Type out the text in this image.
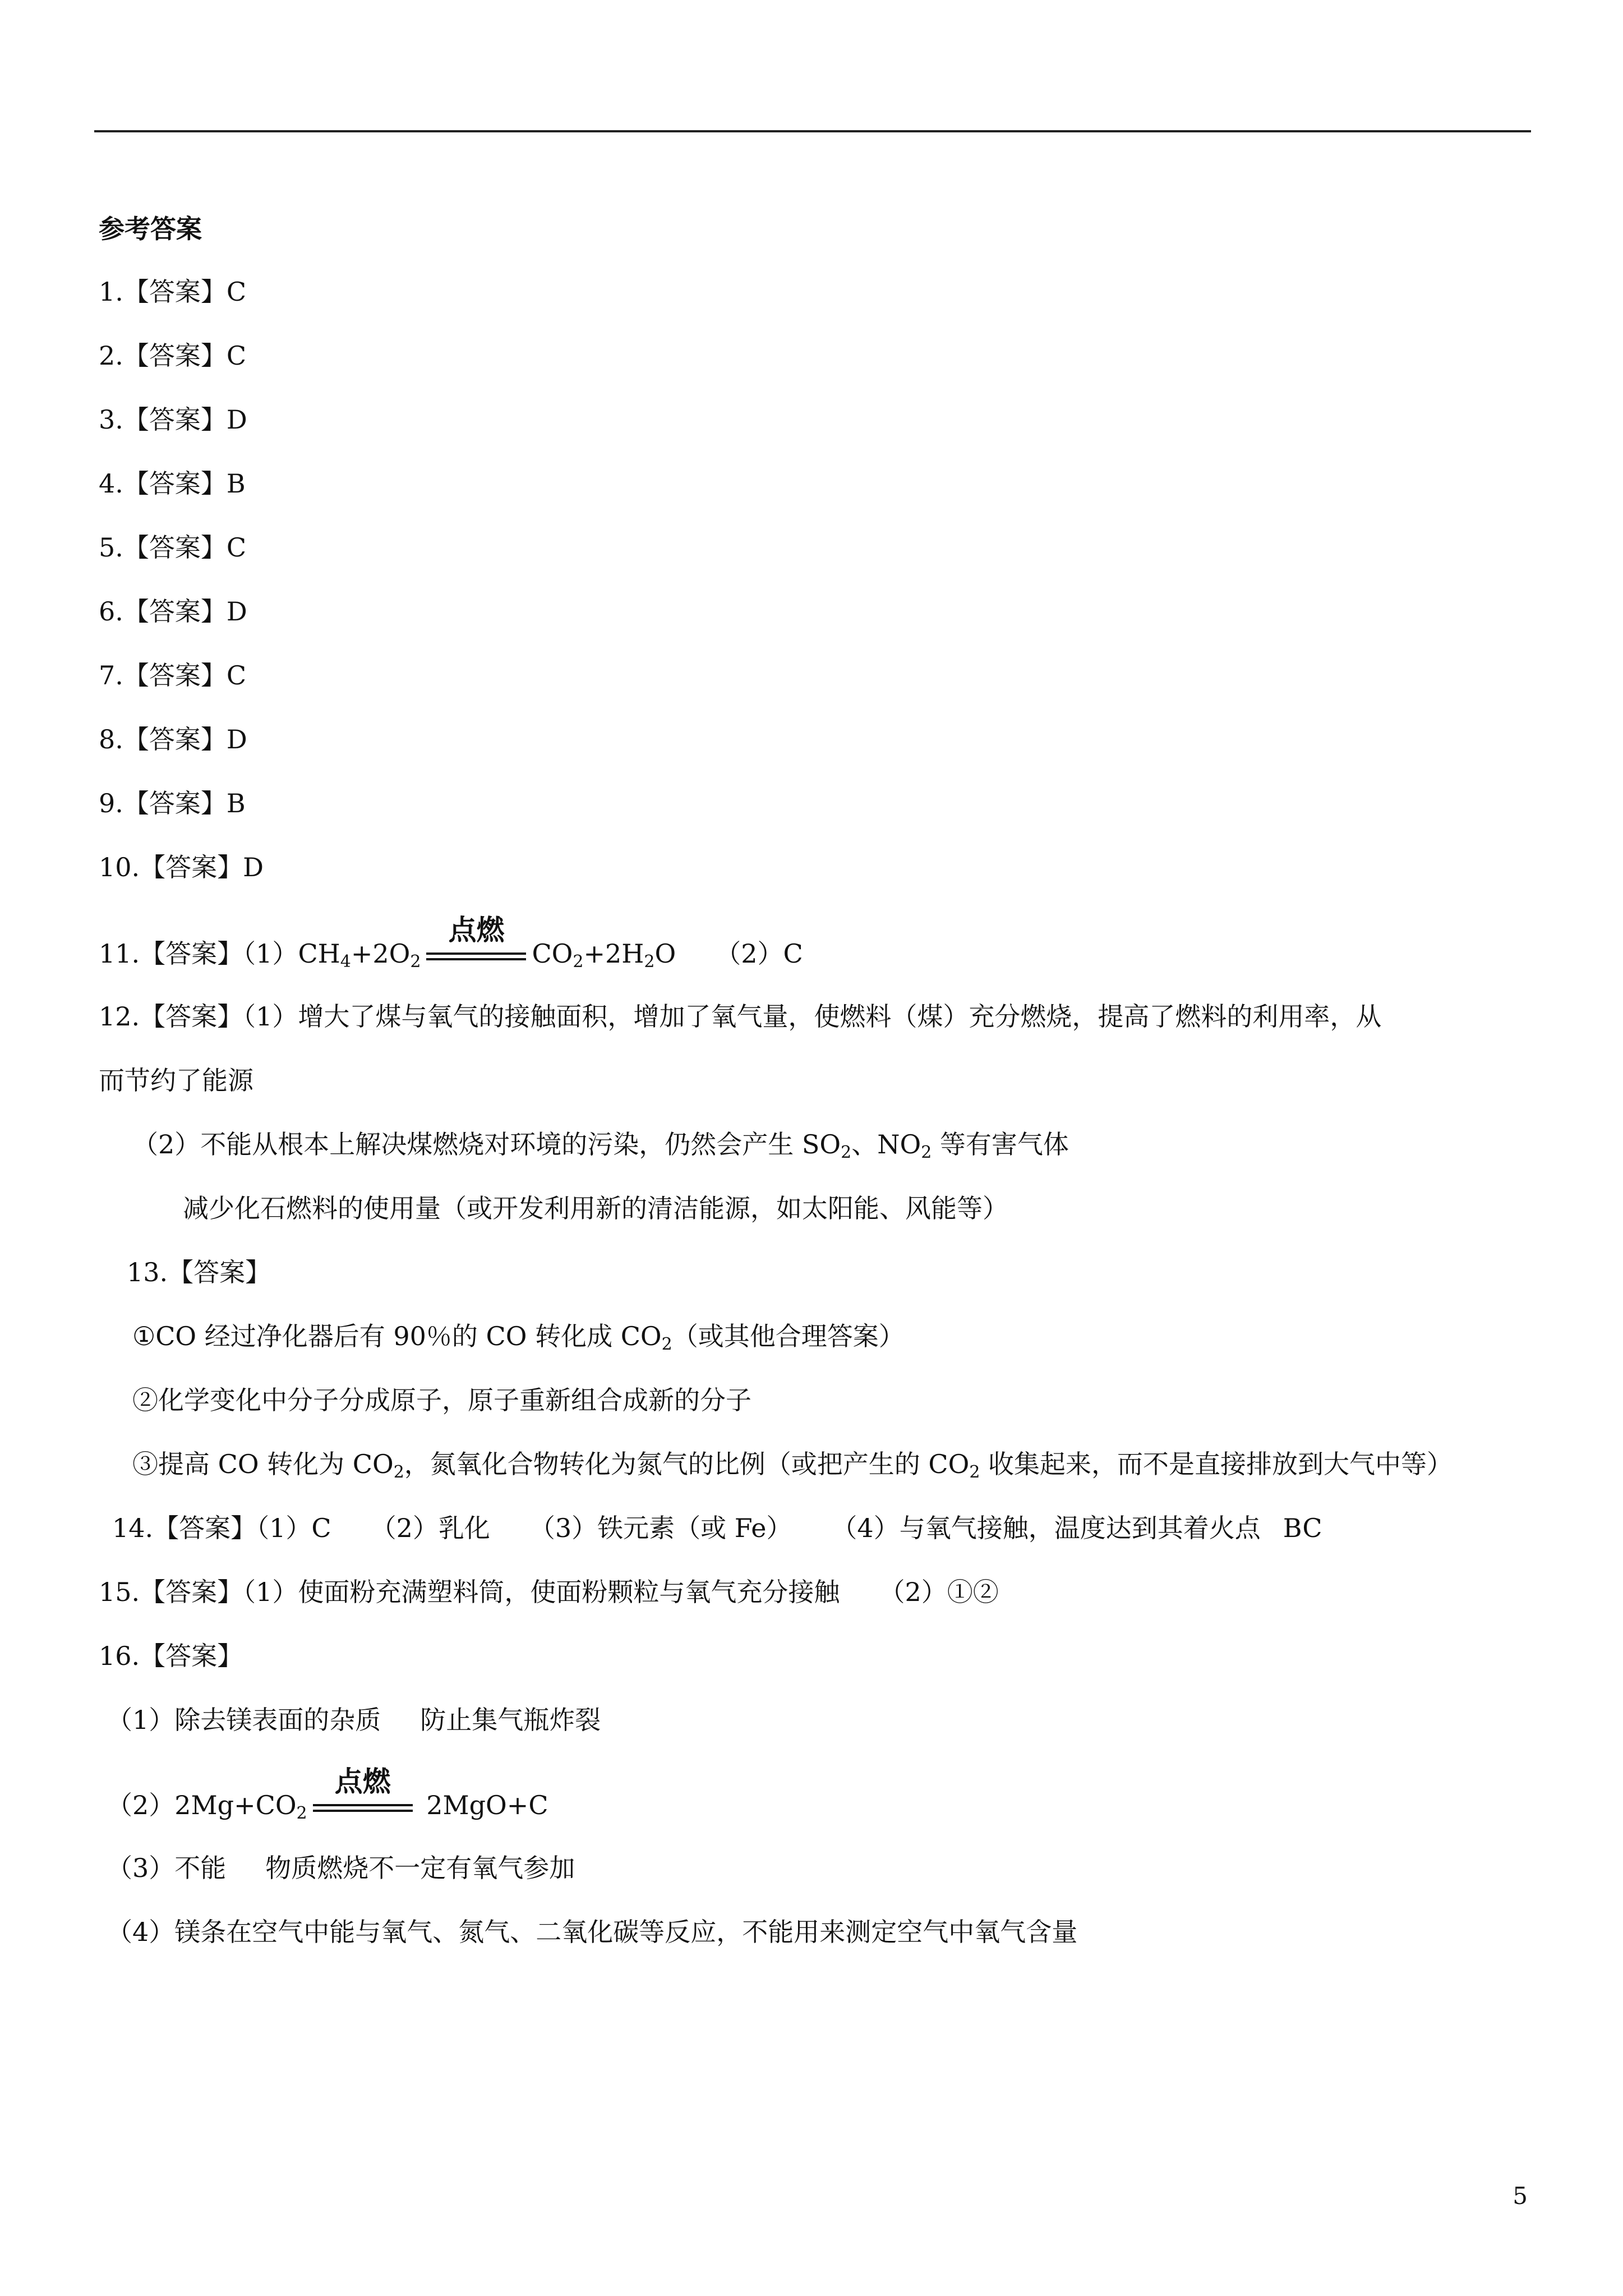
参考答案
1.【答案】C
2.【答案】C
3.【答案】D
4.【答案】B
5.【答案】C
6.【答案】D
7.【答案】C
8.【答案】D
9.【答案】B
10.【答案】D
11.【答案】$(1)CH_4+2O_2$
点燃
$CO_2+2H_2O$ （2）C
12.【答案】（1）增大了煤与氧气的接触面积，增加了氧气量，使燃料（煤）充分燃烧，提高了燃料的利用率，从
而节约了能源
（2）不能从根本上解决煤燃烧对环境的污染，仍然会产生 $SO_2$、$NO_2$ 等有害气体
减少化石燃料的使用量（或开发利用新的清洁能源，如太阳能、风能等）
13.【答案】
①CO 经过净化器后有 90％的 CO 转化成 $CO_2$（或其他合理答案）
②化学变化中分子分成原子，原子重新组合成新的分子
③提高 CO 转化为 $CO_2$，氮氧化合物转化为氮气的比例（或把产生的 $CO_2$ 收集起来，而不是直接排放到大气中等）
14.【答案】（1）C （2）乳化 （3）铁元素（或 Fe） （4）与氧气接触，温度达到其着火点 BC
15.【答案】（1）使面粉充满塑料筒，使面粉颗粒与氧气充分接触 （2）①②
16.【答案】
（1）除去镁表面的杂质 防止集气瓶炸裂
$(2)2Mg+CO_2$
点燃
2MgO+C
（3）不能 物质燃烧不一定有氧气参加
（4）镁条在空气中能与氧气、氮气、二氧化碳等反应，不能用来测定空气中氧气含量
5
